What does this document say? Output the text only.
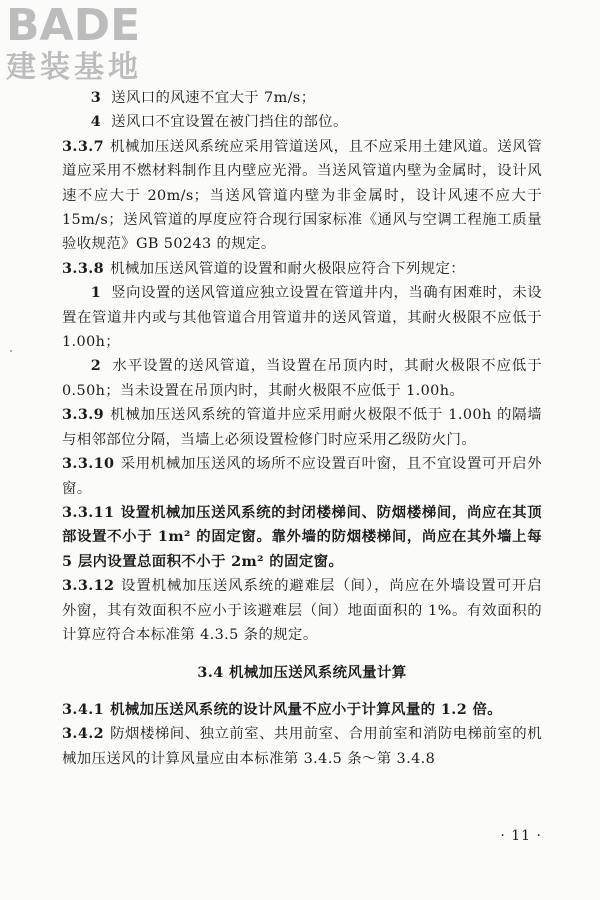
BADE
建装基地

3 送风口的风速不宜大于 7m/s；

4 送风口不宜设置在被门挡住的部位。

3.3.7 机械加压送风系统应采用管道送风，且不应采用土建风道。送风管道应采用不燃材料制作且内壁应光滑。当送风管道内壁为金属时，设计风速不应大于 20m/s；当送风管道内壁为非金属时，设计风速不应大于 15m/s；送风管道的厚度应符合现行国家标准《通风与空调工程施工质量验收规范》GB 50243 的规定。

3.3.8 机械加压送风管道的设置和耐火极限应符合下列规定：

1 竖向设置的送风管道应独立设置在管道井内，当确有困难时，未设置在管道井内或与其他管道合用管道井的送风管道，其耐火极限不应低于 1.00h；

2 水平设置的送风管道，当设置在吊顶内时，其耐火极限不应低于 0.50h；当未设置在吊顶内时，其耐火极限不应低于 1.00h。

3.3.9 机械加压送风系统的管道井应采用耐火极限不低于 1.00h 的隔墙与相邻部位分隔，当墙上必须设置检修门时应采用乙级防火门。

3.3.10 采用机械加压送风的场所不应设置百叶窗，且不宜设置可开启外窗。

3.3.11 设置机械加压送风系统的封闭楼梯间、防烟楼梯间，尚应在其顶部设置不小于 1m² 的固定窗。靠外墙的防烟楼梯间，尚应在其外墙上每 5 层内设置总面积不小于 2m² 的固定窗。

3.3.12 设置机械加压送风系统的避难层（间），尚应在外墙设置可开启外窗，其有效面积不应小于该避难层（间）地面面积的 1%。有效面积的计算应符合本标准第 4.3.5 条的规定。

3.4 机械加压送风系统风量计算

3.4.1 机械加压送风系统的设计风量不应小于计算风量的 1.2 倍。

3.4.2 防烟楼梯间、独立前室、共用前室、合用前室和消防电梯前室的机械加压送风的计算风量应由本标准第 3.4.5 条～第 3.4.8

· 11 ·
